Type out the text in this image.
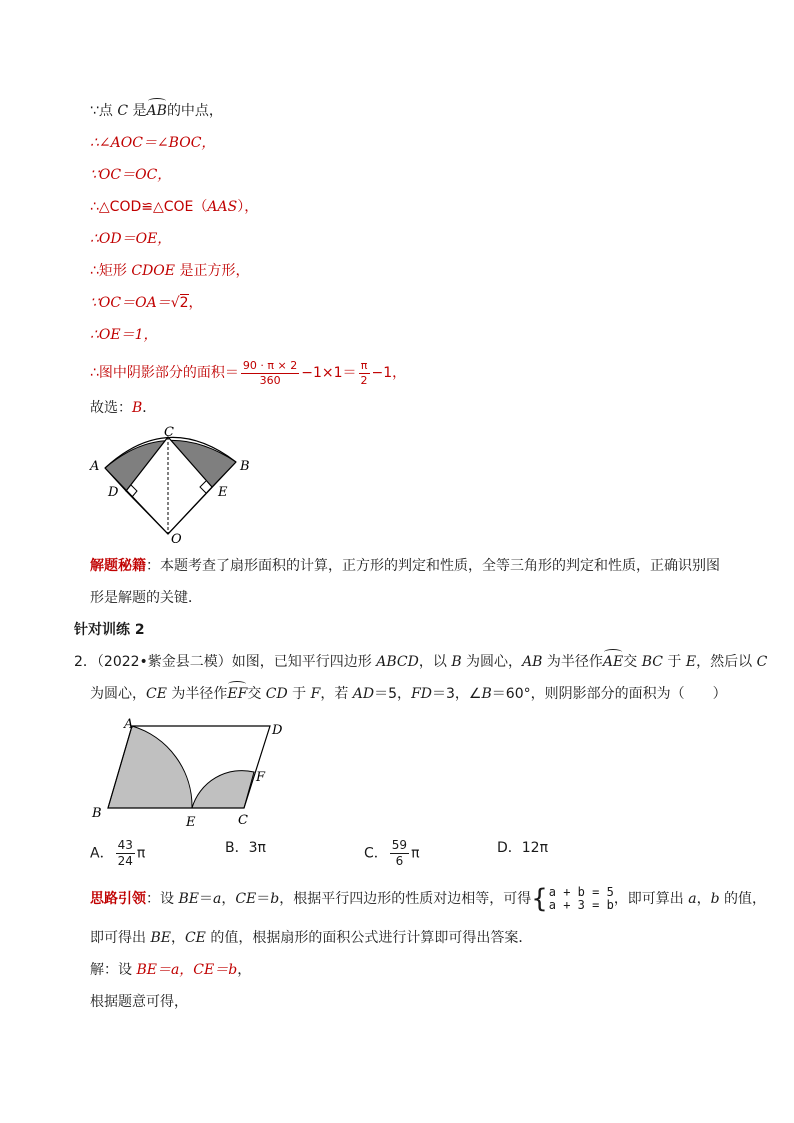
∵点 C 是AB的中点，
∴∠AOC＝∠BOC，
∵OC＝OC，
∴△COD≌△COE（AAS），
∴OD＝OE，
∴矩形 CDOE 是正方形，
∵OC＝OA＝√2，
∴OE＝1，
∴图中阴影部分的面积＝ $\frac{90 \cdot \pi \times 2}{360} -1\times 1= \frac{\pi}{2} -1$，
故选：B．
C
A	B
D	E
O
解题秘籍：本题考查了扇形面积的计算，正方形的判定和性质，全等三角形的判定和性质，正确识别图
形是解题的关键．
针对训练 2
2．（2022•紫金县二模）如图，已知平行四边形 ABCD，以 B 为圆心，AB 为半径作AE交 BC 于 E，然后以 C
为圆心，CE 为半径作EF交 CD 于 F，若 AD＝5，FD＝3，∠B＝60°，则阴影部分的面积为（　　）
A	D
F
B
E	C
A． $\frac{43}{24}$ π	B．3π	C． $\frac{59}{6}$ π	D．12π
思路引领：设 BE＝a，CE＝b，根据平行四边形的性质对边相等，可得{ a + b = 5
a + 3 = b ，即可算出 a，b 的值，
即可得出 BE，CE 的值，根据扇形的面积公式进行计算即可得出答案．
解：设 BE＝a，CE＝b，
根据题意可得，
